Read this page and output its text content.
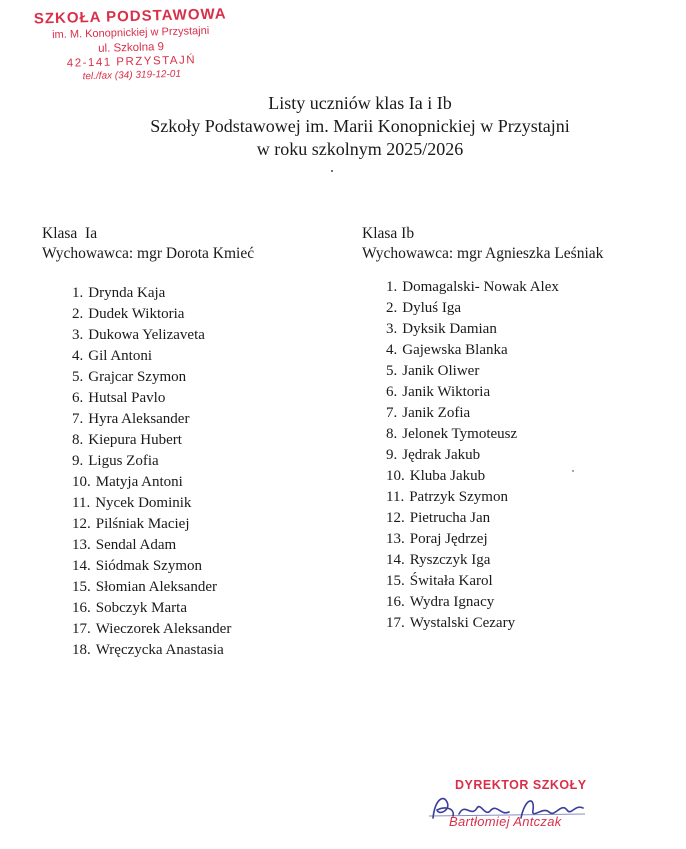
SZKOŁA PODSTAWOWA
im. M. Konopnickiej w Przystajni
ul. Szkolna 9
42-141 PRZYSTAJŃ
tel./fax (34) 319-12-01
Listy uczniów klas Ia i Ib
Szkoły Podstawowej im. Marii Konopnickiej w Przystajni
w roku szkolnym 2025/2026
Klasa  Ia
Wychowawca: mgr Dorota Kmieć
Klasa Ib
Wychowawca: mgr Agnieszka Leśniak
1. Drynda Kaja
2. Dudek Wiktoria
3. Dukowa Yelizaveta
4. Gil Antoni
5. Grajcar Szymon
6. Hutsal Pavlo
7. Hyra Aleksander
8. Kiepura Hubert
9. Ligus Zofia
10. Matyja Antoni
11. Nycek Dominik
12. Pilśniak Maciej
13. Sendal Adam
14. Siódmak Szymon
15. Słomian Aleksander
16. Sobczyk Marta
17. Wieczorek Aleksander
18. Wręczycka Anastasia
1. Domagalski- Nowak Alex
2. Dyluś Iga
3. Dyksik Damian
4. Gajewska Blanka
5. Janik Oliwer
6. Janik Wiktoria
7. Janik Zofia
8. Jelonek Tymoteusz
9. Jędrak Jakub
10. Kluba Jakub
11. Patrzyk Szymon
12. Pietrucha Jan
13. Poraj Jędrzej
14. Ryszczyk Iga
15. Świtała Karol
16. Wydra Ignacy
17. Wystalski Cezary
DYREKTOR SZKOŁY
Bartłomiej Antczak
